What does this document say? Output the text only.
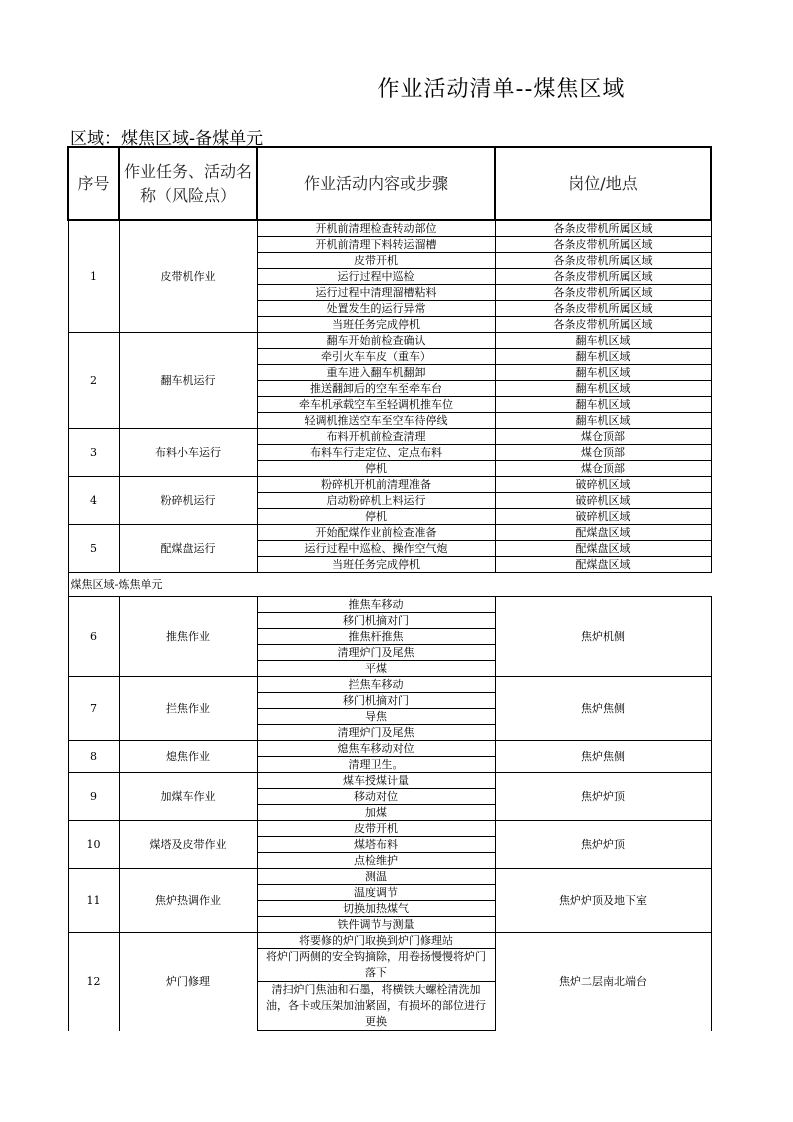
作业活动清单--煤焦区域
区域：煤焦区域-备煤单元
序号	作业任务、活动名称（风险点）	作业活动内容或步骤	岗位/地点
1	皮带机作业	开机前清理检查转动部位	各条皮带机所属区域
		开机前清理下料转运溜槽	各条皮带机所属区域
		皮带开机	各条皮带机所属区域
		运行过程中巡检	各条皮带机所属区域
		运行过程中清理溜槽粘料	各条皮带机所属区域
		处置发生的运行异常	各条皮带机所属区域
		当班任务完成停机	各条皮带机所属区域
2	翻车机运行	翻车开始前检查确认	翻车机区域
		牵引火车车皮（重车）	翻车机区域
		重车进入翻车机翻卸	翻车机区域
		推送翻卸后的空车至牵车台	翻车机区域
		牵车机承载空车至轻调机推车位	翻车机区域
		轻调机推送空车至空车待停线	翻车机区域
3	布料小车运行	布料开机前检查清理	煤仓顶部
		布料车行走定位、定点布料	煤仓顶部
		停机	煤仓顶部
4	粉碎机运行	粉碎机开机前清理准备	破碎机区域
		启动粉碎机上料运行	破碎机区域
		停机	破碎机区域
5	配煤盘运行	开始配煤作业前检查准备	配煤盘区域
		运行过程中巡检、操作空气炮	配煤盘区域
		当班任务完成停机	配煤盘区域
煤焦区域-炼焦单元			
6	推焦作业	推焦车移动	焦炉机侧
		移门机摘对门	
		推焦杆推焦	
		清理炉门及尾焦	
		平煤	
7	拦焦作业	拦焦车移动	焦炉焦侧
		移门机摘对门	
		导焦	
		清理炉门及尾焦	
8	熄焦作业	熄焦车移动对位	焦炉焦侧
		清理卫生。	
9	加煤车作业	煤车授煤计量	焦炉炉顶
		移动对位	
		加煤	
10	煤塔及皮带作业	皮带开机	焦炉炉顶
		煤塔布料	
		点检维护	
11	焦炉热调作业	测温	焦炉炉顶及地下室
		温度调节	
		切换加热煤气	
		铁件调节与测量	
12	炉门修理	将要修的炉门取换到炉门修理站	焦炉二层南北端台
		将炉门两侧的安全钩摘除，用卷扬慢慢将炉门落下	
		清扫炉门焦油和石墨，将横铁大螺栓清洗加油，各卡或压架加油紧固，有损坏的部位进行更换	
